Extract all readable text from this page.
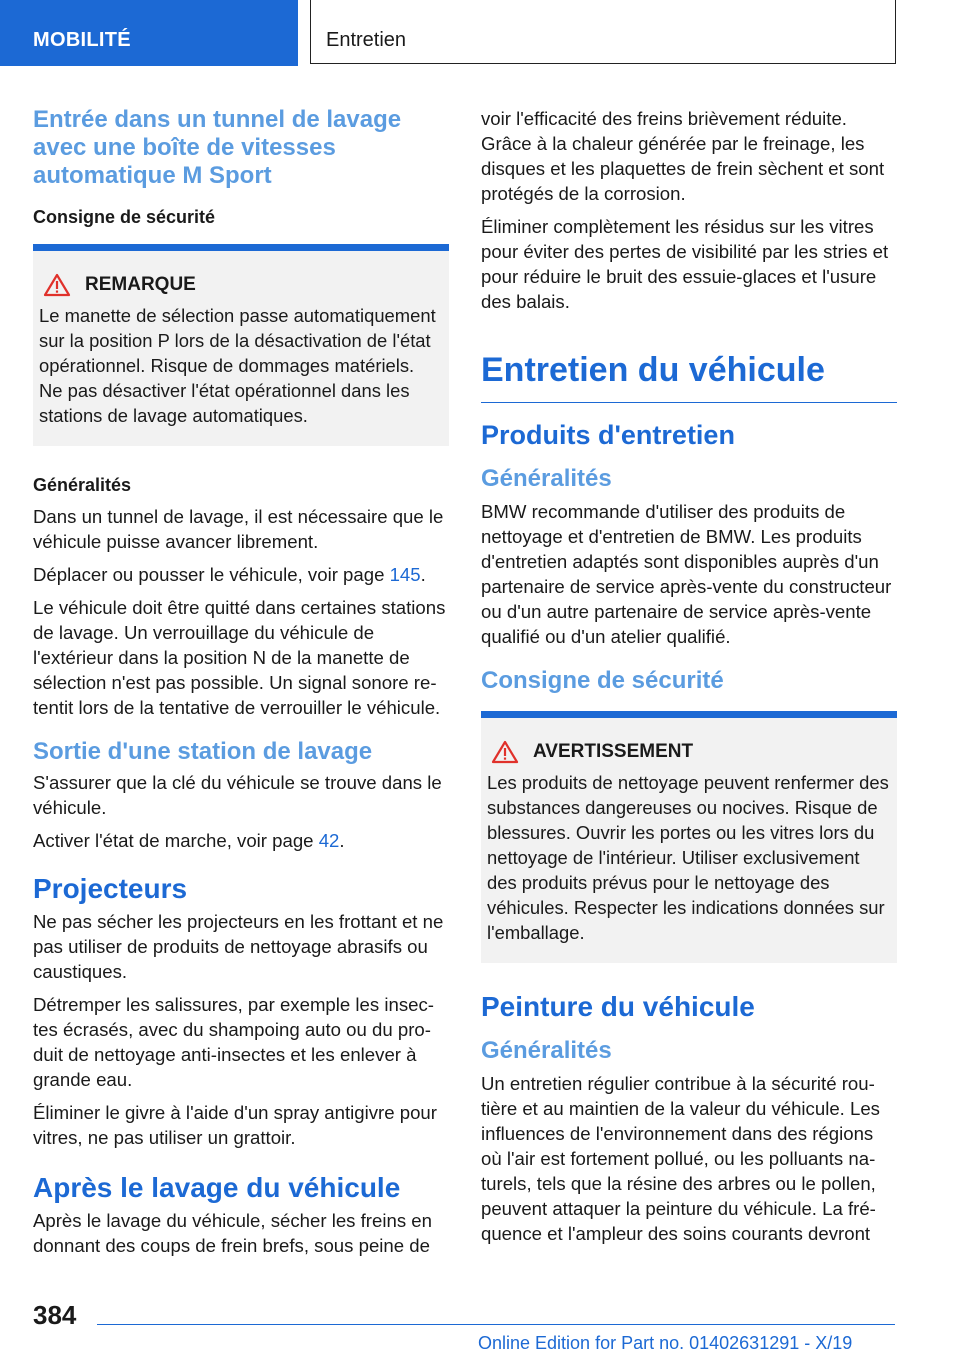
MOBILITÉ	Entretien
Entrée dans un tunnel de lavage avec une boîte de vitesses automatique M Sport
Consigne de sécurité
REMARQUE
Le manette de sélection passe automatiquement sur la position P lors de la désactivation de l'état opérationnel. Risque de dommages matériels. Ne pas désactiver l'état opérationnel dans les stations de lavage automatiques.
Généralités
Dans un tunnel de lavage, il est nécessaire que le véhicule puisse avancer librement.
Déplacer ou pousser le véhicule, voir page 145.
Le véhicule doit être quitté dans certaines stations de lavage. Un verrouillage du véhicule de l'extérieur dans la position N de la manette de sélection n'est pas possible. Un signal sonore retentit lors de la tentative de verrouiller le véhicule.
Sortie d'une station de lavage
S'assurer que la clé du véhicule se trouve dans le véhicule.
Activer l'état de marche, voir page 42.
Projecteurs
Ne pas sécher les projecteurs en les frottant et ne pas utiliser de produits de nettoyage abrasifs ou caustiques.
Détremper les salissures, par exemple les insectes écrasés, avec du shampoing auto ou du produit de nettoyage anti-insectes et les enlever à grande eau.
Éliminer le givre à l'aide d'un spray antigivre pour vitres, ne pas utiliser un grattoir.
Après le lavage du véhicule
Après le lavage du véhicule, sécher les freins en donnant des coups de frein brefs, sous peine de
voir l'efficacité des freins brièvement réduite. Grâce à la chaleur générée par le freinage, les disques et les plaquettes de frein sèchent et sont protégés de la corrosion.
Éliminer complètement les résidus sur les vitres pour éviter des pertes de visibilité par les stries et pour réduire le bruit des essuie-glaces et l'usure des balais.
Entretien du véhicule
Produits d'entretien
Généralités
BMW recommande d'utiliser des produits de nettoyage et d'entretien de BMW. Les produits d'entretien adaptés sont disponibles auprès d'un partenaire de service après-vente du constructeur ou d'un autre partenaire de service après-vente qualifié ou d'un atelier qualifié.
Consigne de sécurité
AVERTISSEMENT
Les produits de nettoyage peuvent renfermer des substances dangereuses ou nocives. Risque de blessures. Ouvrir les portes ou les vitres lors du nettoyage de l'intérieur. Utiliser exclusivement des produits prévus pour le nettoyage des véhicules. Respecter les indications données sur l'emballage.
Peinture du véhicule
Généralités
Un entretien régulier contribue à la sécurité routière et au maintien de la valeur du véhicule. Les influences de l'environnement dans des régions où l'air est fortement pollué, ou les polluants naturels, tels que la résine des arbres ou le pollen, peuvent attaquer la peinture du véhicule. La fréquence et l'ampleur des soins courants devront
384
Online Edition for Part no. 01402631291 - X/19
